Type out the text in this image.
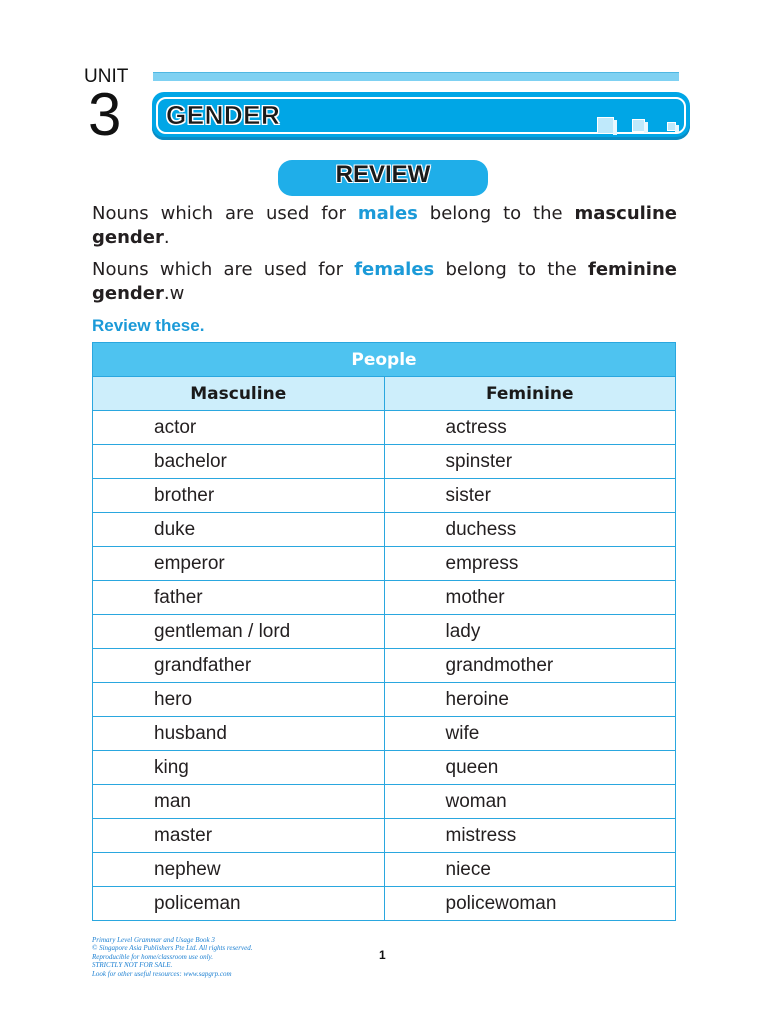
UNIT
3 GENDER
REVIEW
Nouns which are used for males belong to the masculine gender.
Nouns which are used for females belong to the feminine gender.w
Review these.
People	
Masculine	Feminine
actor	actress
bachelor	spinster
brother	sister
duke	duchess
emperor	empress
father	mother
gentleman / lord	lady
grandfather	grandmother
hero	heroine
husband	wife
king	queen
man	woman
master	mistress
nephew	niece
policeman	policewoman
Primary Level Grammar and Usage Book 3
© Singapore Asia Publishers Pte Ltd. All rights reserved.
Reproducible for home/classroom use only.
STRICTLY NOT FOR SALE.
Look for other useful resources: www.sapgrp.com
1
